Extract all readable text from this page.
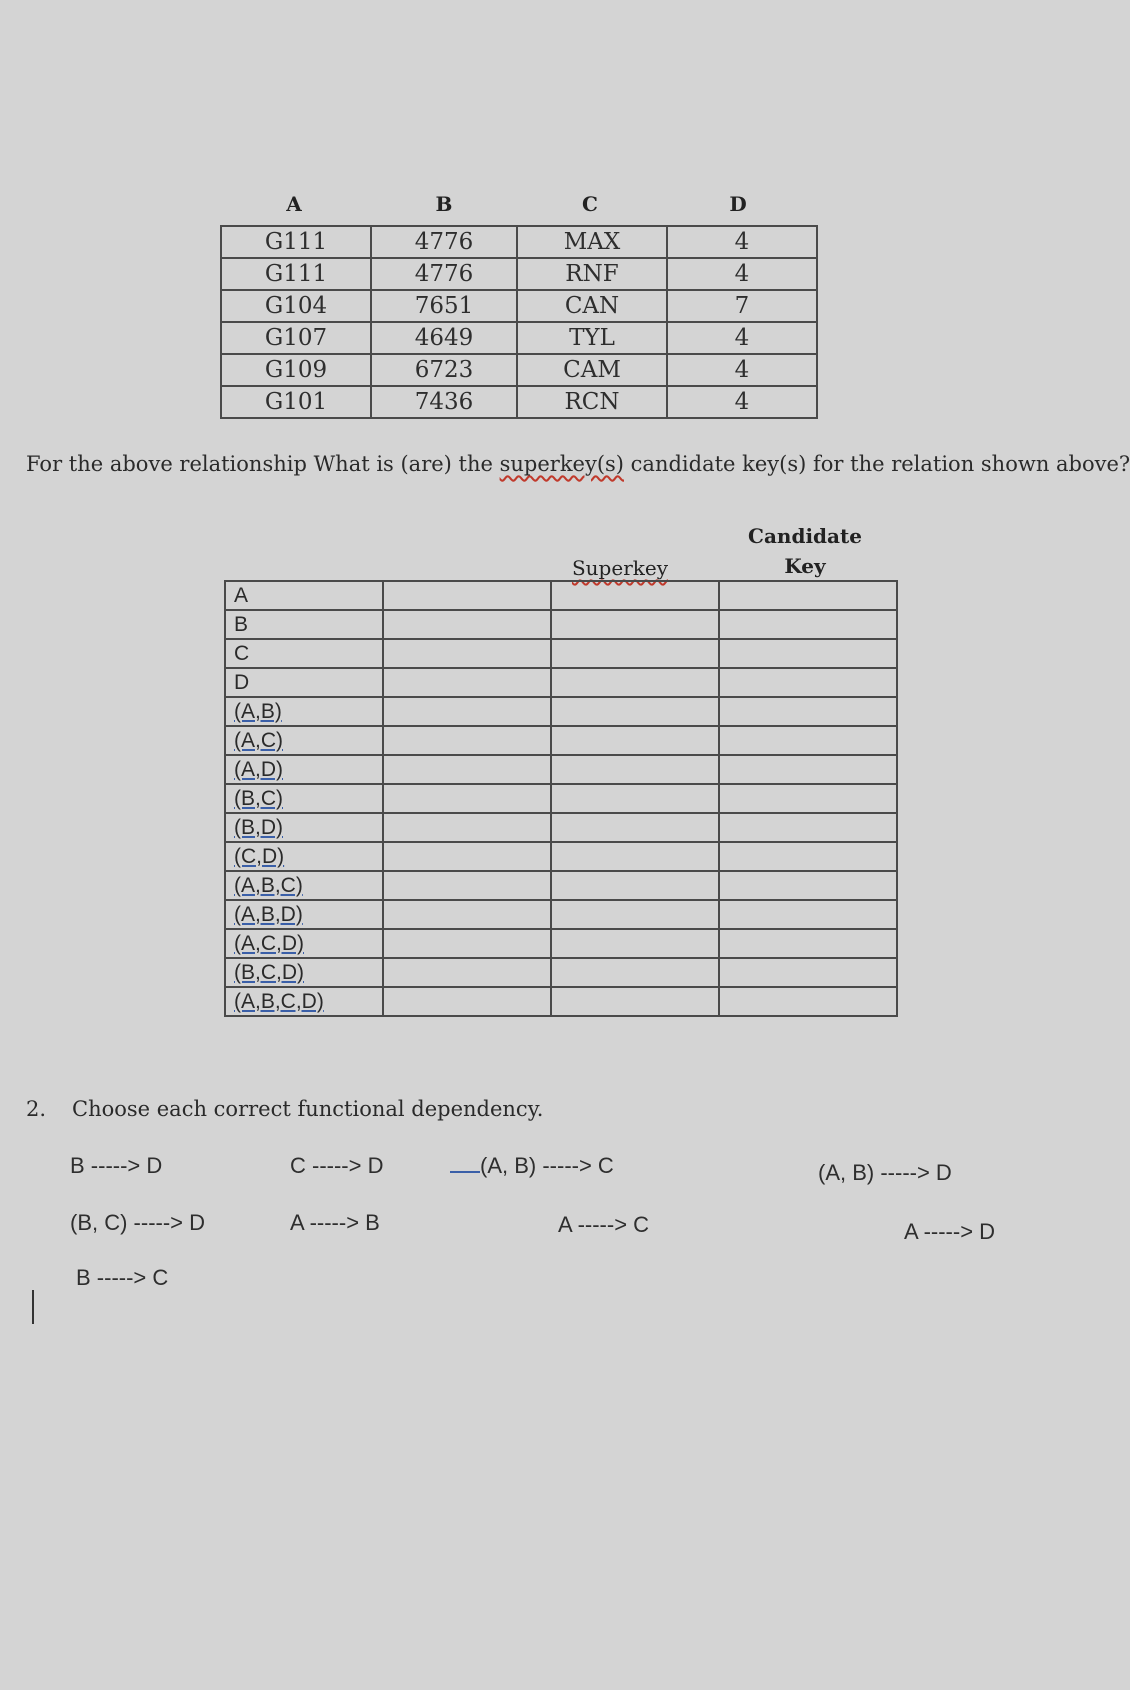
A	B	C	D
G111	4776	MAX	4
G111	4776	RNF	4
G104	7651	CAN	7
G107	4649	TYL	4
G109	6723	CAM	4
G101	7436	RCN	4
For the above relationship What is (are) the superkey(s) candidate key(s) for the relation shown above?
Superkey
Candidate
Key
A			
B			
C			
D			
(A,B)			
(A,C)			
(A,D)			
(B,C)			
(B,D)			
(C,D)			
(A,B,C)			
(A,B,D)			
(A,C,D)			
(B,C,D)			
(A,B,C,D)			
2. Choose each correct functional dependency.
B -----> D	C -----> D	(A, B) -----> C	(A, B) -----> D
(B, C) -----> D	A -----> B	A -----> C	A -----> D
B -----> C
